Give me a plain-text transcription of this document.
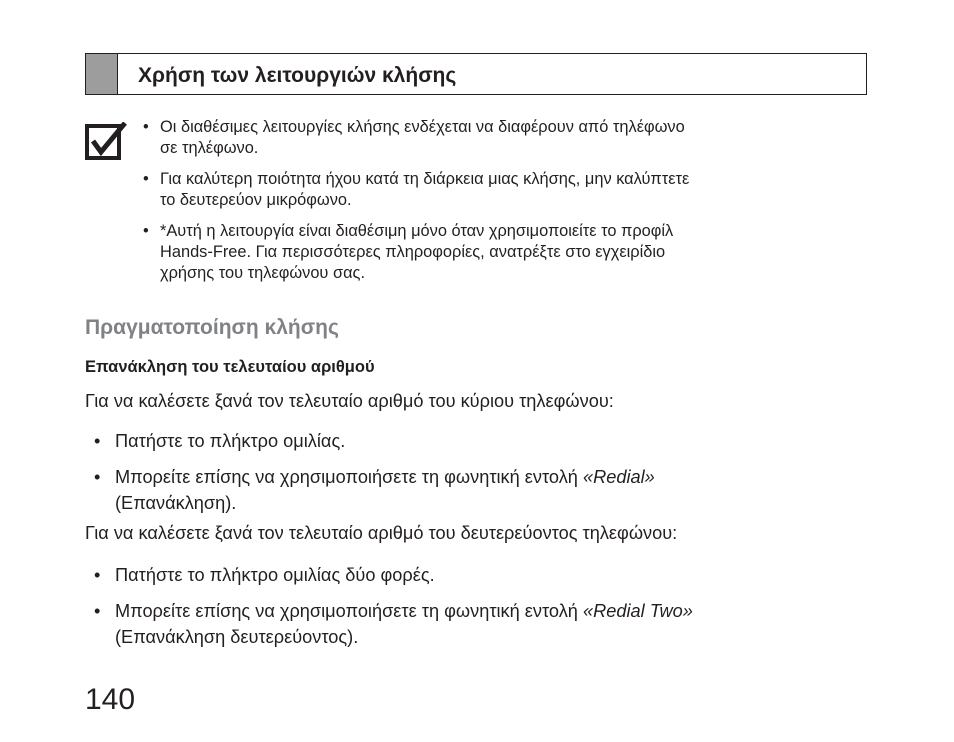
Χρήση των λειτουργιών κλήσης
• Οι διαθέσιμες λειτουργίες κλήσης ενδέχεται να διαφέρουν από τηλέφωνο
σε τηλέφωνο.
• Για καλύτερη ποιότητα ήχου κατά τη διάρκεια μιας κλήσης, μην καλύπτετε
το δευτερεύον μικρόφωνο.
• *Αυτή η λειτουργία είναι διαθέσιμη μόνο όταν χρησιμοποιείτε το προφίλ
Hands-Free. Για περισσότερες πληροφορίες, ανατρέξτε στο εγχειρίδιο
χρήσης του τηλεφώνου σας.
Πραγματοποίηση κλήσης
Επανάκληση του τελευταίου αριθμού
Για να καλέσετε ξανά τον τελευταίο αριθμό του κύριου τηλεφώνου:
• Πατήστε το πλήκτρο ομιλίας.
• Μπορείτε επίσης να χρησιμοποιήσετε τη φωνητική εντολή «Redial»
(Επανάκληση).
Για να καλέσετε ξανά τον τελευταίο αριθμό του δευτερεύοντος τηλεφώνου:
• Πατήστε το πλήκτρο ομιλίας δύο φορές.
• Μπορείτε επίσης να χρησιμοποιήσετε τη φωνητική εντολή «Redial Two»
(Επανάκληση δευτερεύοντος).
140
